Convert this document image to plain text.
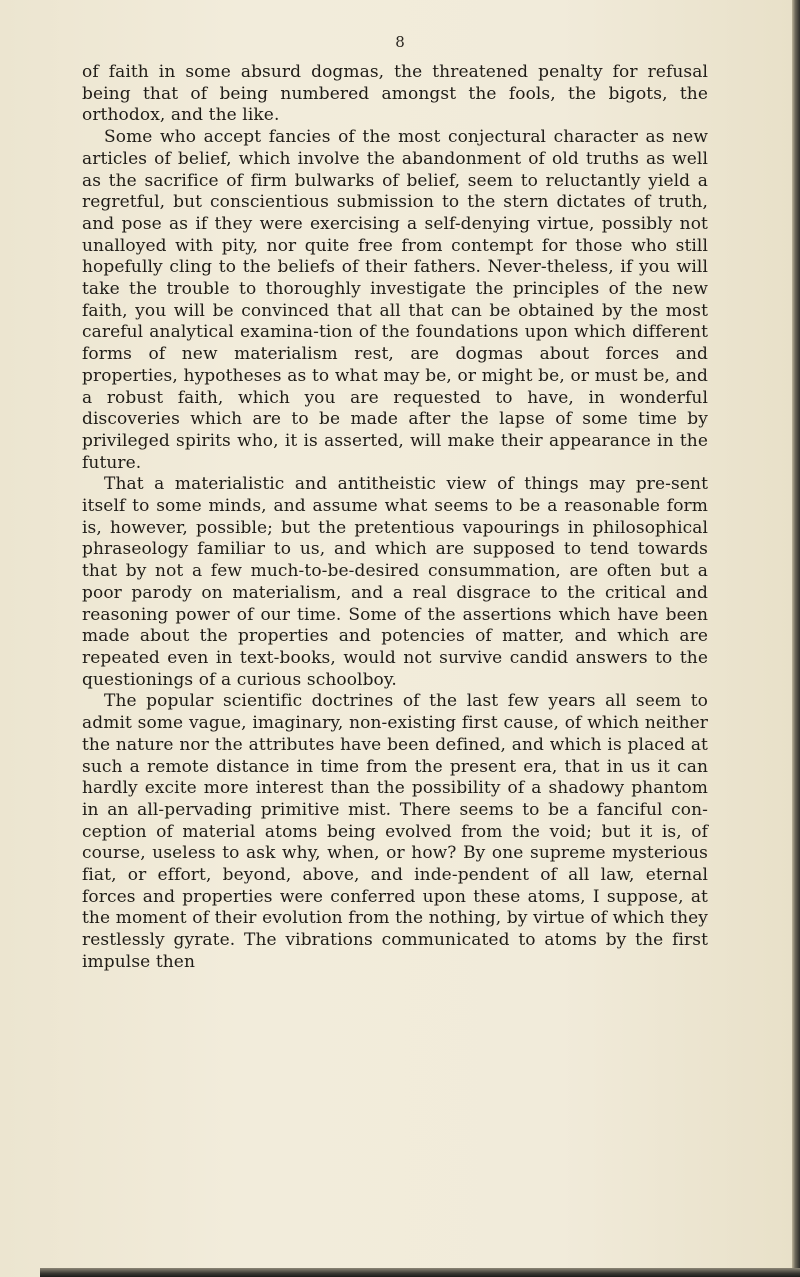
8

of faith in some absurd dogmas, the threatened penalty for refusal being that of being numbered amongst the fools, the bigots, the orthodox, and the like.

Some who accept fancies of the most conjectural character as new articles of belief, which involve the abandonment of old truths as well as the sacrifice of firm bulwarks of belief, seem to reluctantly yield a regretful, but conscientious submission to the stern dictates of truth, and pose as if they were exercising a self-denying virtue, possibly not unalloyed with pity, nor quite free from contempt for those who still hopefully cling to the beliefs of their fathers. Never-theless, if you will take the trouble to thoroughly investigate the principles of the new faith, you will be convinced that all that can be obtained by the most careful analytical examina-tion of the foundations upon which different forms of new materialism rest, are dogmas about forces and properties, hypotheses as to what may be, or might be, or must be, and a robust faith, which you are requested to have, in wonderful discoveries which are to be made after the lapse of some time by privileged spirits who, it is asserted, will make their appearance in the future.

That a materialistic and antitheistic view of things may pre-sent itself to some minds, and assume what seems to be a reasonable form is, however, possible; but the pretentious vapourings in philosophical phraseology familiar to us, and which are supposed to tend towards that by not a few much-to-be-desired consummation, are often but a poor parody on materialism, and a real disgrace to the critical and reasoning power of our time. Some of the assertions which have been made about the properties and potencies of matter, and which are repeated even in text-books, would not survive candid answers to the questionings of a curious schoolboy.

The popular scientific doctrines of the last few years all seem to admit some vague, imaginary, non-existing first cause, of which neither the nature nor the attributes have been defined, and which is placed at such a remote distance in time from the present era, that in us it can hardly excite more interest than the possibility of a shadowy phantom in an all-pervading primitive mist. There seems to be a fanciful con-ception of material atoms being evolved from the void; but it is, of course, useless to ask why, when, or how? By one supreme mysterious fiat, or effort, beyond, above, and inde-pendent of all law, eternal forces and properties were conferred upon these atoms, I suppose, at the moment of their evolution from the nothing, by virtue of which they restlessly gyrate. The vibrations communicated to atoms by the first impulse then
